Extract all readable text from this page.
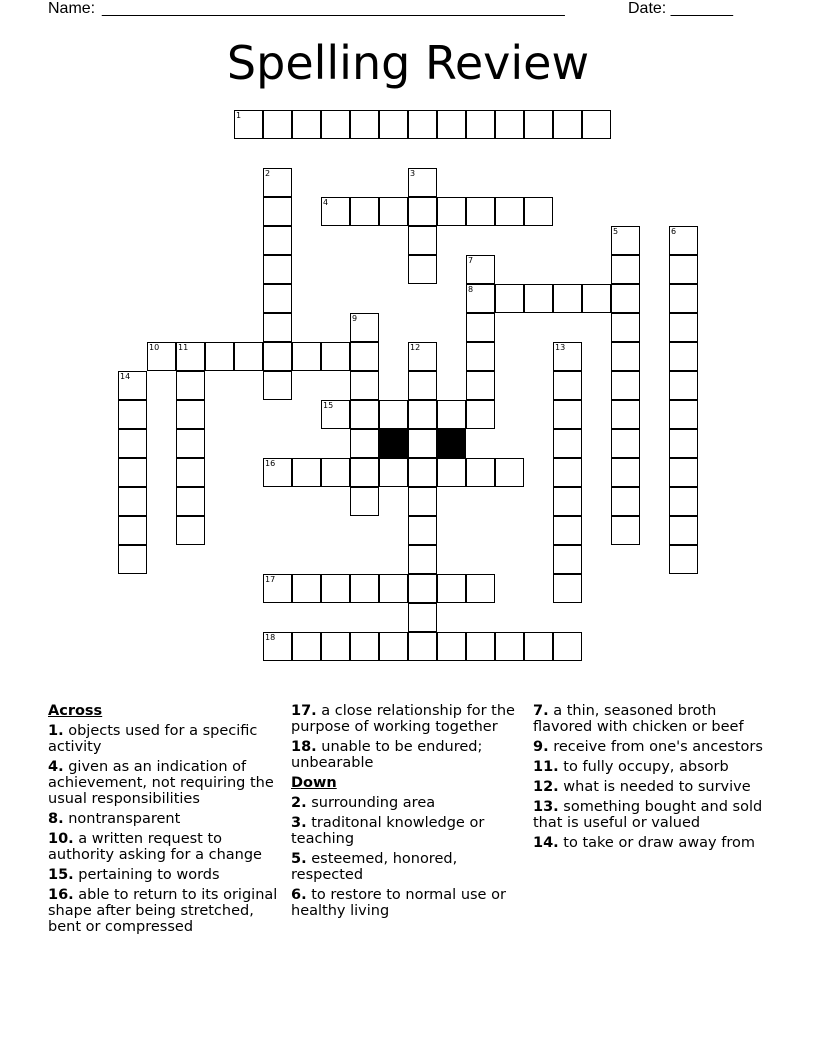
Name: ____________________________________________________	Date: _______
Spelling Review
1
2	3
4
5	6
7
8
9
10 11	12	13
14
15
16
17
18
Across
1. objects used for a specific activity
4. given as an indication of achievement, not requiring the usual responsibilities
8. nontransparent
10. a written request to authority asking for a change
15. pertaining to words
16. able to return to its original shape after being stretched, bent or compressed
17. a close relationship for the purpose of working together
18. unable to be endured; unbearable
Down
2. surrounding area
3. traditonal knowledge or teaching
5. esteemed, honored, respected
6. to restore to normal use or healthy living
7. a thin, seasoned broth flavored with chicken or beef
9. receive from one's ancestors
11. to fully occupy, absorb
12. what is needed to survive
13. something bought and sold that is useful or valued
14. to take or draw away from
